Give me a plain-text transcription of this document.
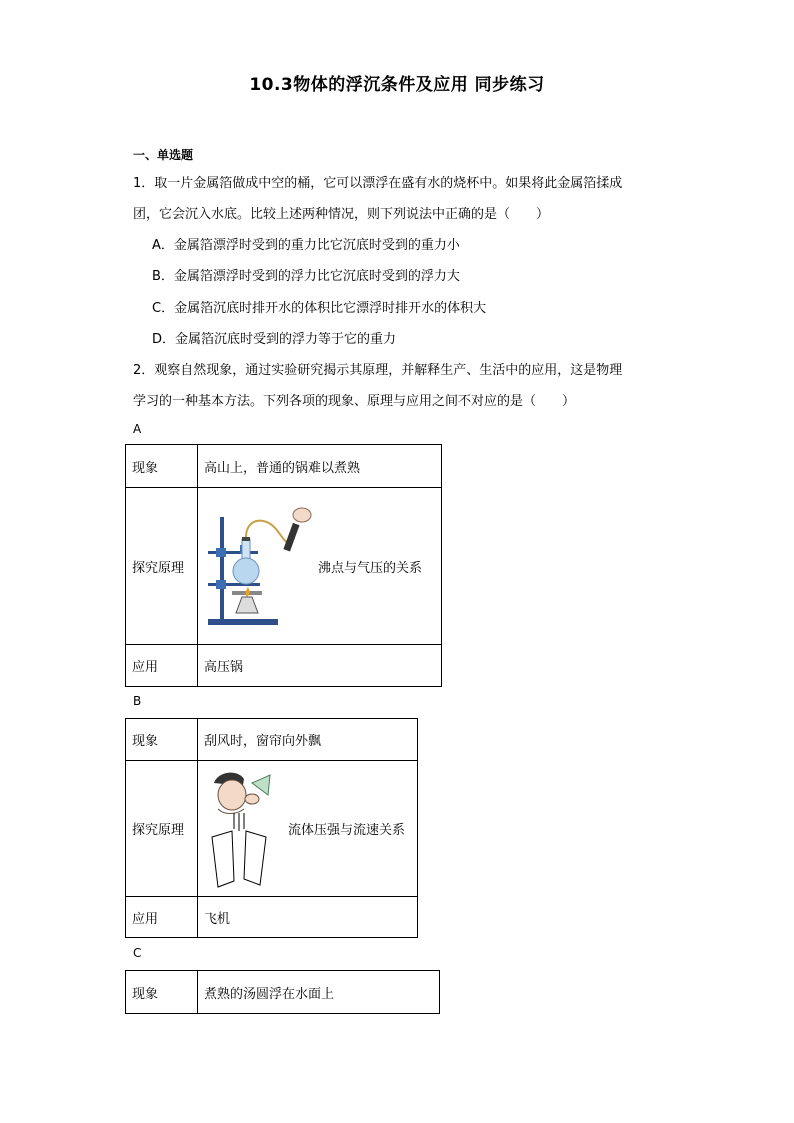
10.3物体的浮沉条件及应用 同步练习
一、单选题
1．取一片金属箔做成中空的桶，它可以漂浮在盛有水的烧杯中。如果将此金属箔揉成
团，它会沉入水底。比较上述两种情况，则下列说法中正确的是（　　）
A．金属箔漂浮时受到的重力比它沉底时受到的重力小
B．金属箔漂浮时受到的浮力比它沉底时受到的浮力大
C．金属箔沉底时排开水的体积比它漂浮时排开水的体积大
D．金属箔沉底时受到的浮力等于它的重力
2．观察自然现象，通过实验研究揭示其原理，并解释生产、生活中的应用，这是物理
学习的一种基本方法。下列各项的现象、原理与应用之间不对应的是（　　）
A
现象	高山上，普通的锅难以煮熟
探究原理	沸点与气压的关系

应用	高压锅
B
现象	刮风时，窗帘向外飘
探究原理	流体压强与流速关系

应用	飞机
C
现象	煮熟的汤圆浮在水面上
